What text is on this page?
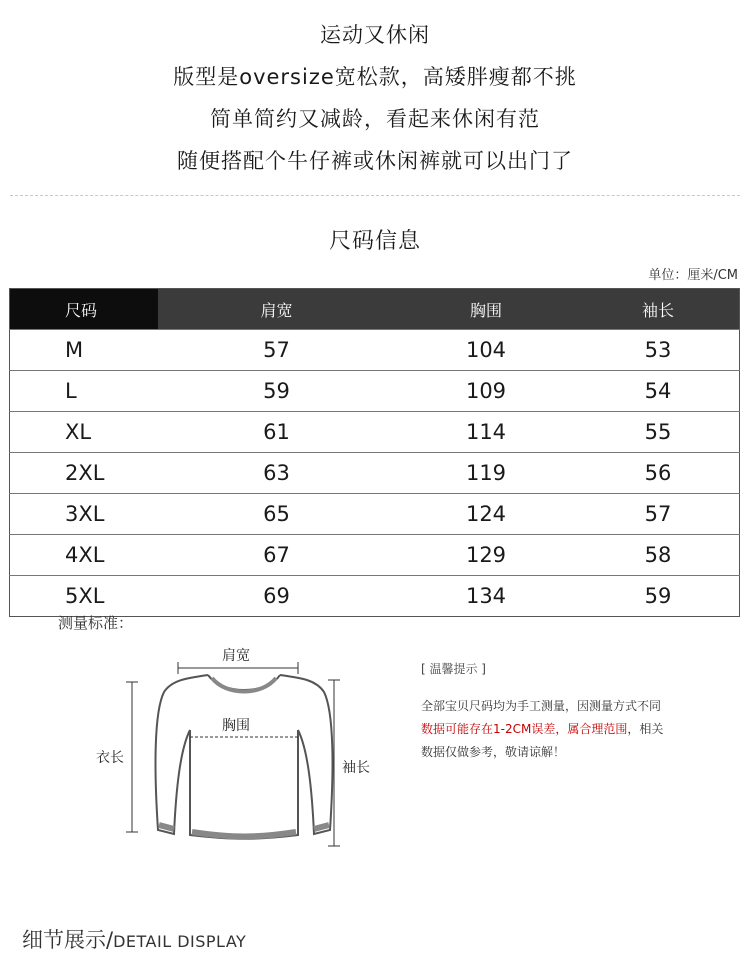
运动又休闲
版型是oversize宽松款，高矮胖瘦都不挑
简单简约又减龄，看起来休闲有范
随便搭配个牛仔裤或休闲裤就可以出门了
尺码信息
单位：厘米/CM
尺码	肩宽	胸围	袖长
M	57	104	53
L	59	109	54
XL	61	114	55
2XL	63	119	56
3XL	65	124	57
4XL	67	129	58
5XL	69	134	59
测量标准：
肩宽
胸围
衣长
袖长
[ 温馨提示 ]
全部宝贝尺码均为手工测量，因测量方式不同
数据可能存在1-2CM误差，属合理范围，相关
数据仅做参考，敬请谅解！
细节展示/DETAIL DISPLAY
